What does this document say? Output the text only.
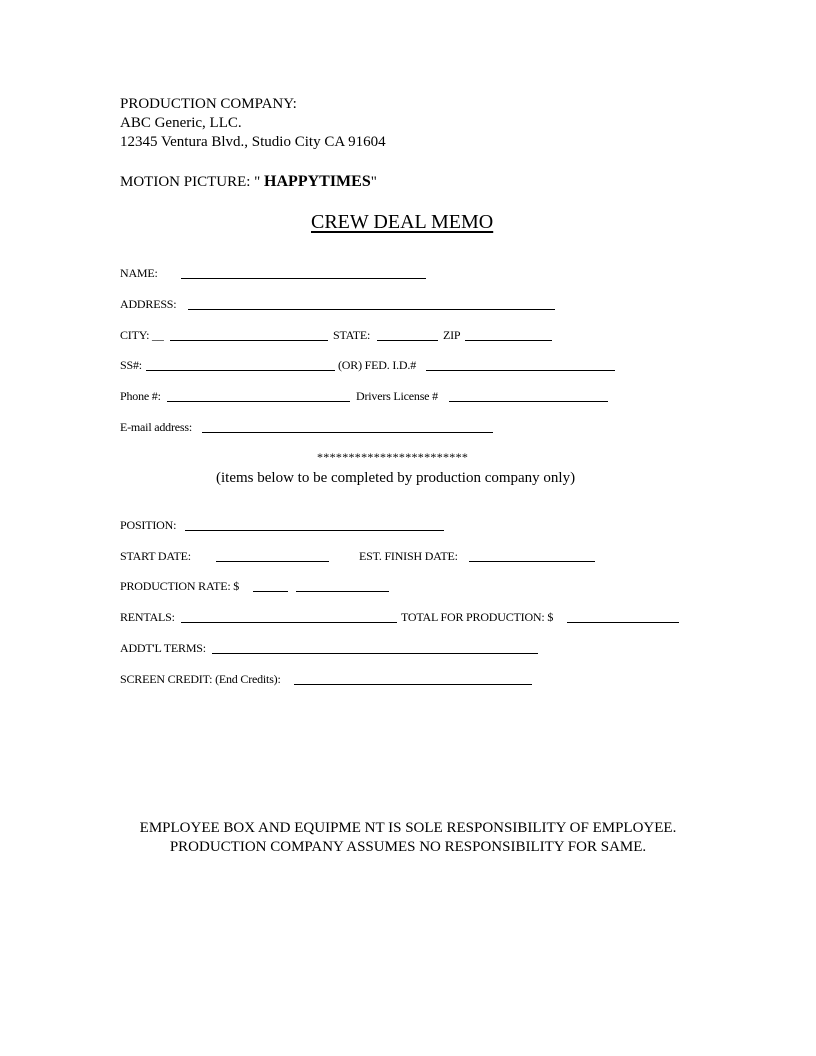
PRODUCTION COMPANY:
ABC Generic, LLC.
12345 Ventura Blvd., Studio City CA 91604
MOTION PICTURE: " HAPPYTIMES"
CREW DEAL MEMO
NAME:
ADDRESS:
CITY: __	STATE:	ZIP
SS#:	(OR) FED. I.D.#
Phone #:	Drivers License #
E-mail address:
************************
(items below to be completed by production company only)
POSITION:
START DATE:	EST. FINISH DATE:
PRODUCTION RATE: $
RENTALS:	TOTAL FOR PRODUCTION: $
ADDT'L TERMS:
SCREEN CREDIT: (End Credits):
EMPLOYEE BOX AND EQUIPME NT IS SOLE RESPONSIBILITY OF EMPLOYEE.
PRODUCTION COMPANY ASSUMES NO RESPONSIBILITY FOR SAME.
